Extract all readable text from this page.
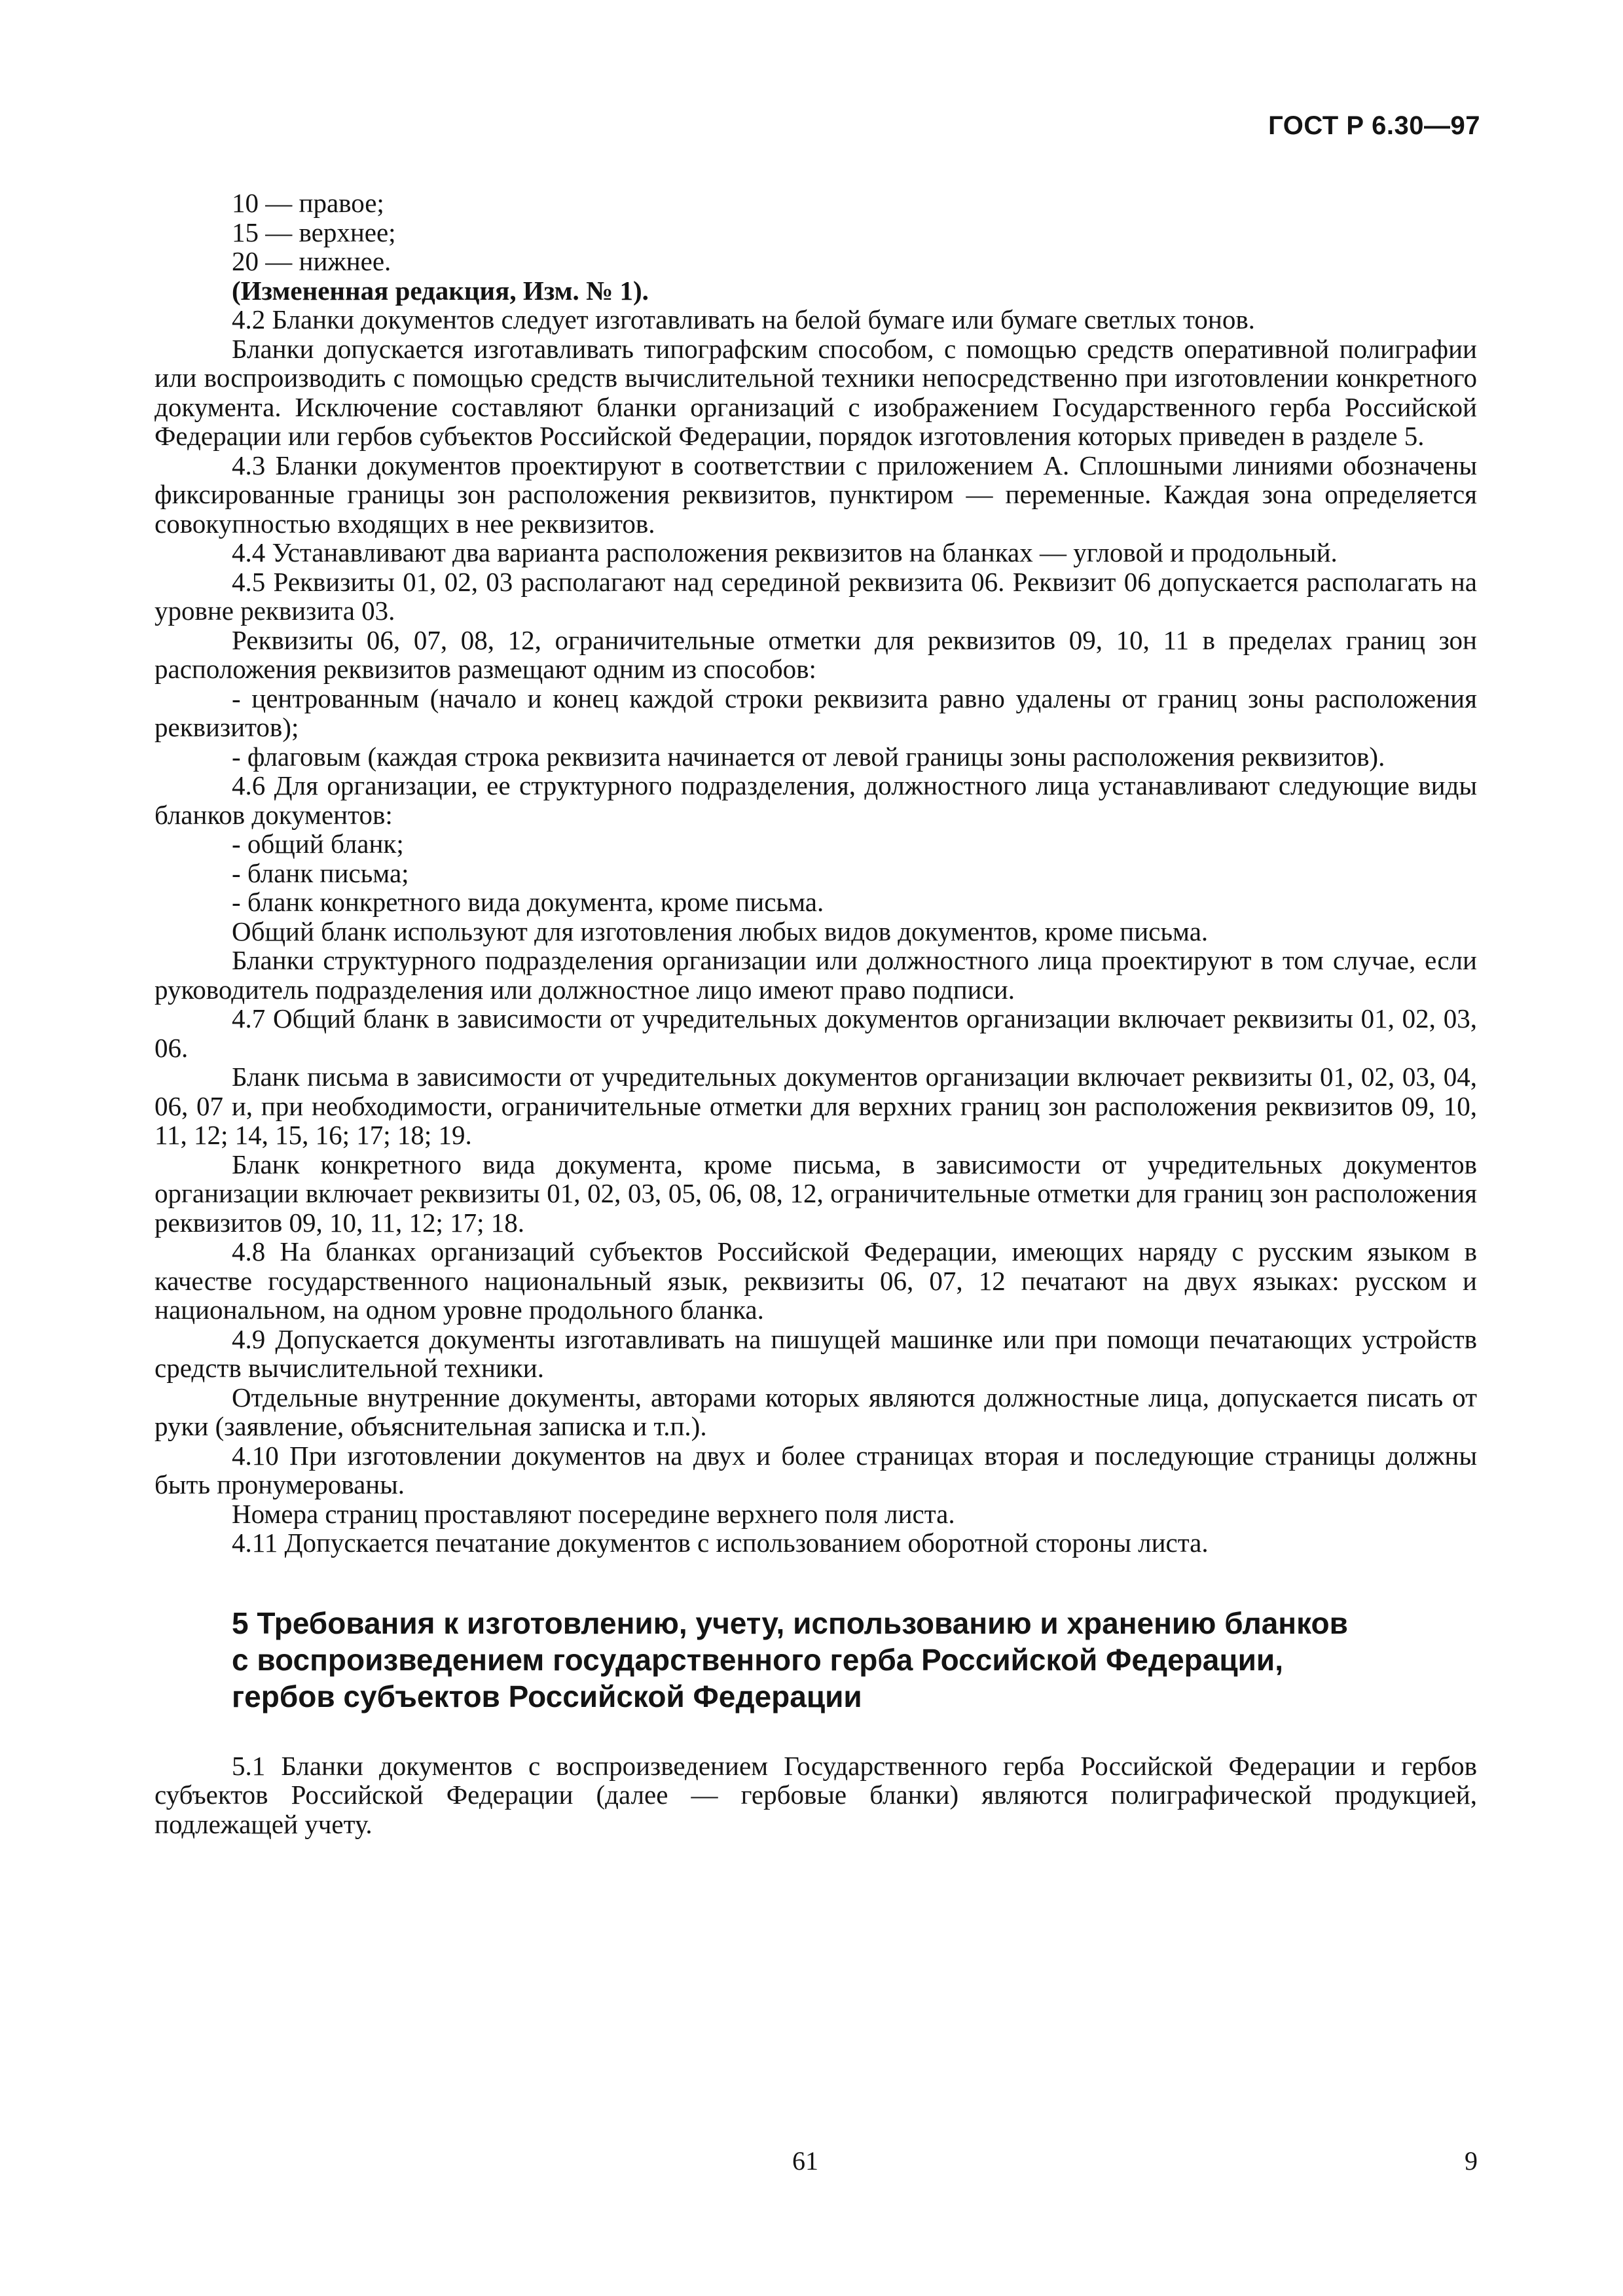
ГОСТ Р 6.30—97

10 — правое;

15 — верхнее;

20 — нижнее.

(Измененная редакция, Изм. № 1).

4.2 Бланки документов следует изготавливать на белой бумаге или бумаге светлых тонов.

Бланки допускается изготавливать типографским способом, с помощью средств оперативной полиграфии или воспроизводить с помощью средств вычислительной техники непосредственно при изготовлении конкретного документа. Исключение составляют бланки организаций с изображением Государственного герба Российской Федерации или гербов субъектов Российской Федерации, порядок изготовления которых приведен в разделе 5.

4.3 Бланки документов проектируют в соответствии с приложением А. Сплошными линиями обозначены фиксированные границы зон расположения реквизитов, пунктиром — переменные. Каждая зона определяется совокупностью входящих в нее реквизитов.

4.4 Устанавливают два варианта расположения реквизитов на бланках — угловой и продольный.

4.5 Реквизиты 01, 02, 03 располагают над серединой реквизита 06. Реквизит 06 допускается располагать на уровне реквизита 03.

Реквизиты 06, 07, 08, 12, ограничительные отметки для реквизитов 09, 10, 11 в пределах границ зон расположения реквизитов размещают одним из способов:

- центрованным (начало и конец каждой строки реквизита равно удалены от границ зоны расположения реквизитов);

- флаговым (каждая строка реквизита начинается от левой границы зоны расположения реквизитов).

4.6 Для организации, ее структурного подразделения, должностного лица устанавливают следующие виды бланков документов:

- общий бланк;

- бланк письма;

- бланк конкретного вида документа, кроме письма.

Общий бланк используют для изготовления любых видов документов, кроме письма.

Бланки структурного подразделения организации или должностного лица проектируют в том случае, если руководитель подразделения или должностное лицо имеют право подписи.

4.7 Общий бланк в зависимости от учредительных документов организации включает реквизиты 01, 02, 03, 06.

Бланк письма в зависимости от учредительных документов организации включает реквизиты 01, 02, 03, 04, 06, 07 и, при необходимости, ограничительные отметки для верхних границ зон расположения реквизитов 09, 10, 11, 12; 14, 15, 16; 17; 18; 19.

Бланк конкретного вида документа, кроме письма, в зависимости от учредительных документов организации включает реквизиты 01, 02, 03, 05, 06, 08, 12, ограничительные отметки для границ зон расположения реквизитов 09, 10, 11, 12; 17; 18.

4.8 На бланках организаций субъектов Российской Федерации, имеющих наряду с русским языком в качестве государственного национальный язык, реквизиты 06, 07, 12 печатают на двух языках: русском и национальном, на одном уровне продольного бланка.

4.9 Допускается документы изготавливать на пишущей машинке или при помощи печатающих устройств средств вычислительной техники.

Отдельные внутренние документы, авторами которых являются должностные лица, допускается писать от руки (заявление, объяснительная записка и т.п.).

4.10 При изготовлении документов на двух и более страницах вторая и последующие страницы должны быть пронумерованы.

Номера страниц проставляют посередине верхнего поля листа.

4.11 Допускается печатание документов с использованием оборотной стороны листа.

5 Требования к изготовлению, учету, использованию и хранению бланков
с воспроизведением государственного герба Российской Федерации,
гербов субъектов Российской Федерации

5.1 Бланки документов с воспроизведением Государственного герба Российской Федерации и гербов субъектов Российской Федерации (далее — гербовые бланки) являются полиграфической продукцией, подлежащей учету.

61	9
